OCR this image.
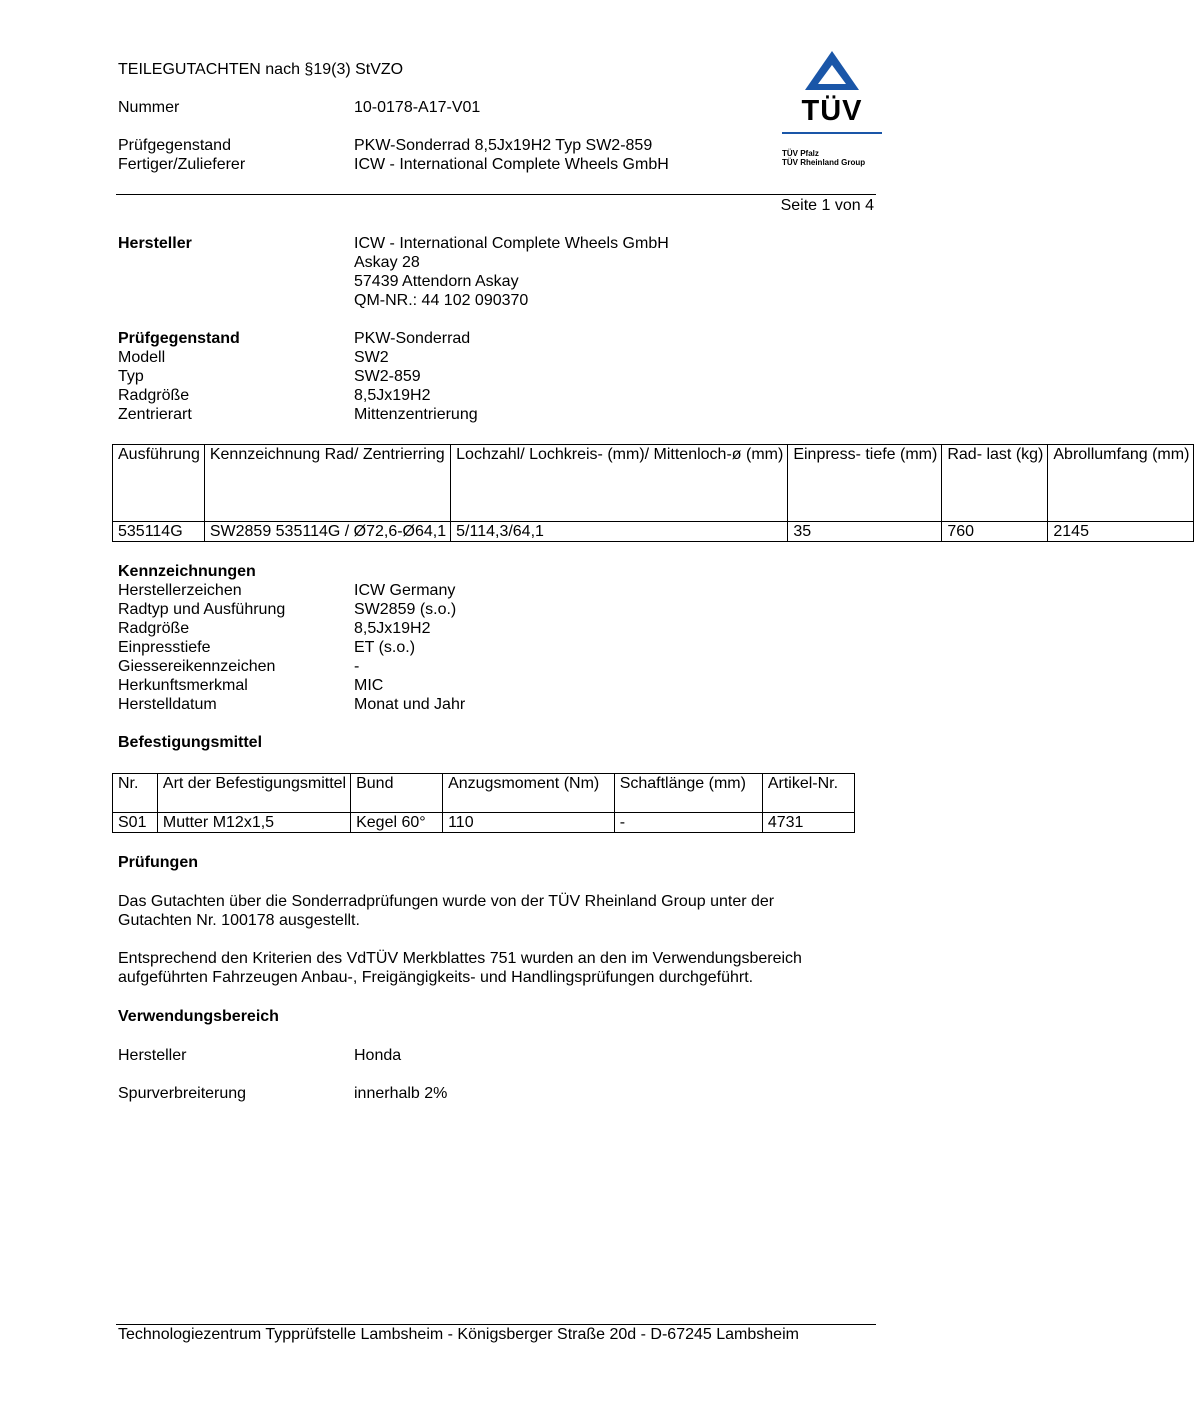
TEILEGUTACHTEN nach §19(3) StVZO
Nummer	10-0178-A17-V01
Prüfgegenstand	PKW-Sonderrad 8,5Jx19H2 Typ SW2-859
Fertiger/Zulieferer	ICW - International Complete Wheels GmbH
TÜV
TÜV Pfalz
TÜV Rheinland Group
Seite 1 von 4
Hersteller	ICW - International Complete Wheels GmbH
Askay 28
57439 Attendorn Askay
QM-NR.: 44 102 090370
Prüfgegenstand	PKW-Sonderrad
Modell	SW2
Typ	SW2-859
Radgröße	8,5Jx19H2
Zentrierart	Mittenzentrierung
Ausführung	Kennzeichnung Rad/ Zentrierring	Lochzahl/ Lochkreis- (mm)/ Mittenloch-ø (mm)	Einpress- tiefe (mm)	Rad- last (kg)	Abrollumfang (mm)
535114G	SW2859 535114G / Ø72,6-Ø64,1	5/114,3/64,1	35	760	2145
Kennzeichnungen
Herstellerzeichen	ICW Germany
Radtyp und Ausführung	SW2859 (s.o.)
Radgröße	8,5Jx19H2
Einpresstiefe	ET (s.o.)
Giessereikennzeichen	-
Herkunftsmerkmal	MIC
Herstelldatum	Monat und Jahr
Befestigungsmittel
Nr.	Art der Befestigungsmittel	Bund	Anzugsmoment (Nm)	Schaftlänge (mm)	Artikel-Nr.
S01	Mutter M12x1,5	Kegel 60°	110	-	4731
Prüfungen
Das Gutachten über die Sonderradprüfungen wurde von der TÜV Rheinland Group unter der
Gutachten Nr. 100178 ausgestellt.
Entsprechend den Kriterien des VdTÜV Merkblattes 751 wurden an den im Verwendungsbereich
aufgeführten Fahrzeugen Anbau-, Freigängigkeits- und Handlingsprüfungen durchgeführt.
Verwendungsbereich
Hersteller	Honda
Spurverbreiterung	innerhalb 2%
Technologiezentrum Typprüfstelle Lambsheim - Königsberger Straße 20d - D-67245 Lambsheim
